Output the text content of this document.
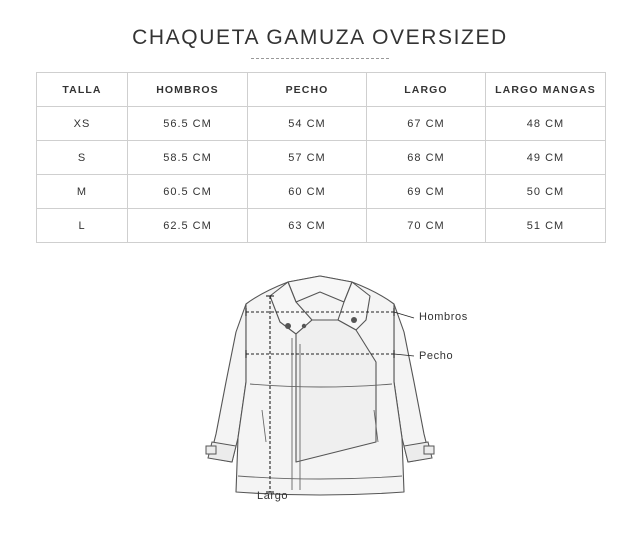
CHAQUETA GAMUZA OVERSIZED
TALLA	HOMBROS	PECHO	LARGO	LARGO MANGAS
XS	56.5 CM	54 CM	67 CM	48 CM
S	58.5 CM	57 CM	68 CM	49 CM
M	60.5 CM	60 CM	69 CM	50 CM
L	62.5 CM	63 CM	70 CM	51 CM
Hombros
Pecho
Largo
